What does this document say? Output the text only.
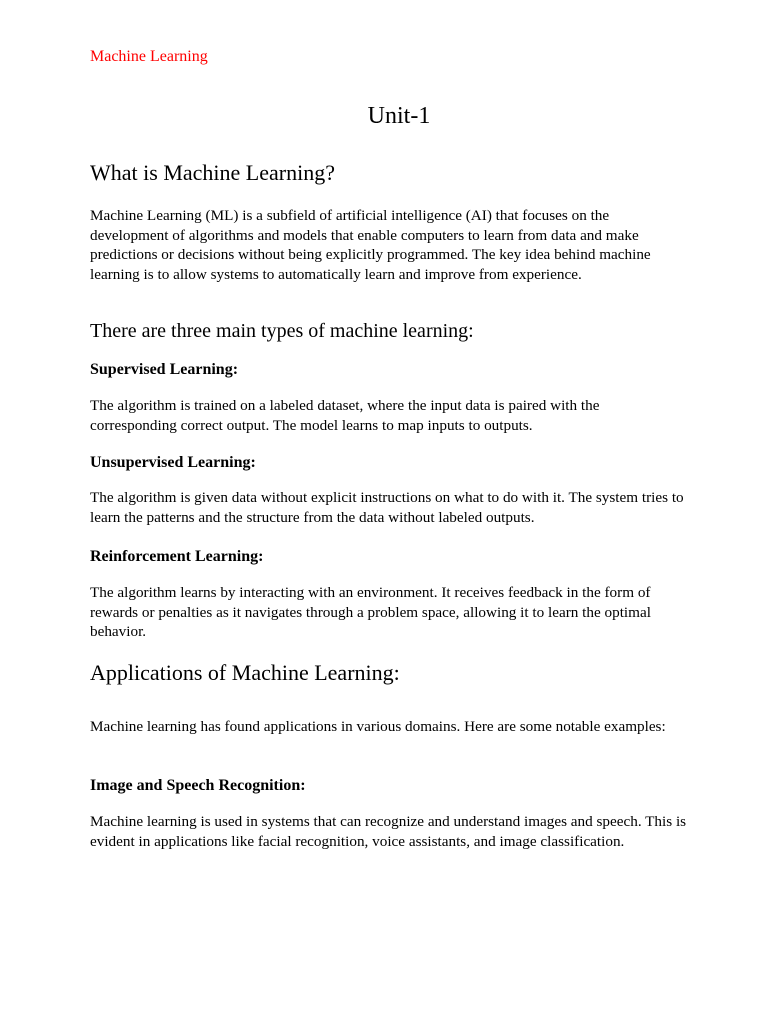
Machine Learning

Unit-1
What is Machine Learning?

Machine Learning (ML) is a subfield of artificial intelligence (AI) that focuses on the development of algorithms and models that enable computers to learn from data and make predictions or decisions without being explicitly programmed. The key idea behind machine learning is to allow systems to automatically learn and improve from experience.

There are three main types of machine learning:
Supervised Learning:

The algorithm is trained on a labeled dataset, where the input data is paired with the corresponding correct output. The model learns to map inputs to outputs.

Unsupervised Learning:

The algorithm is given data without explicit instructions on what to do with it. The system tries to learn the patterns and the structure from the data without labeled outputs.

Reinforcement Learning:

The algorithm learns by interacting with an environment. It receives feedback in the form of rewards or penalties as it navigates through a problem space, allowing it to learn the optimal behavior.

Applications of Machine Learning:

Machine learning has found applications in various domains. Here are some notable examples:

Image and Speech Recognition:

Machine learning is used in systems that can recognize and understand images and speech. This is evident in applications like facial recognition, voice assistants, and image classification.
